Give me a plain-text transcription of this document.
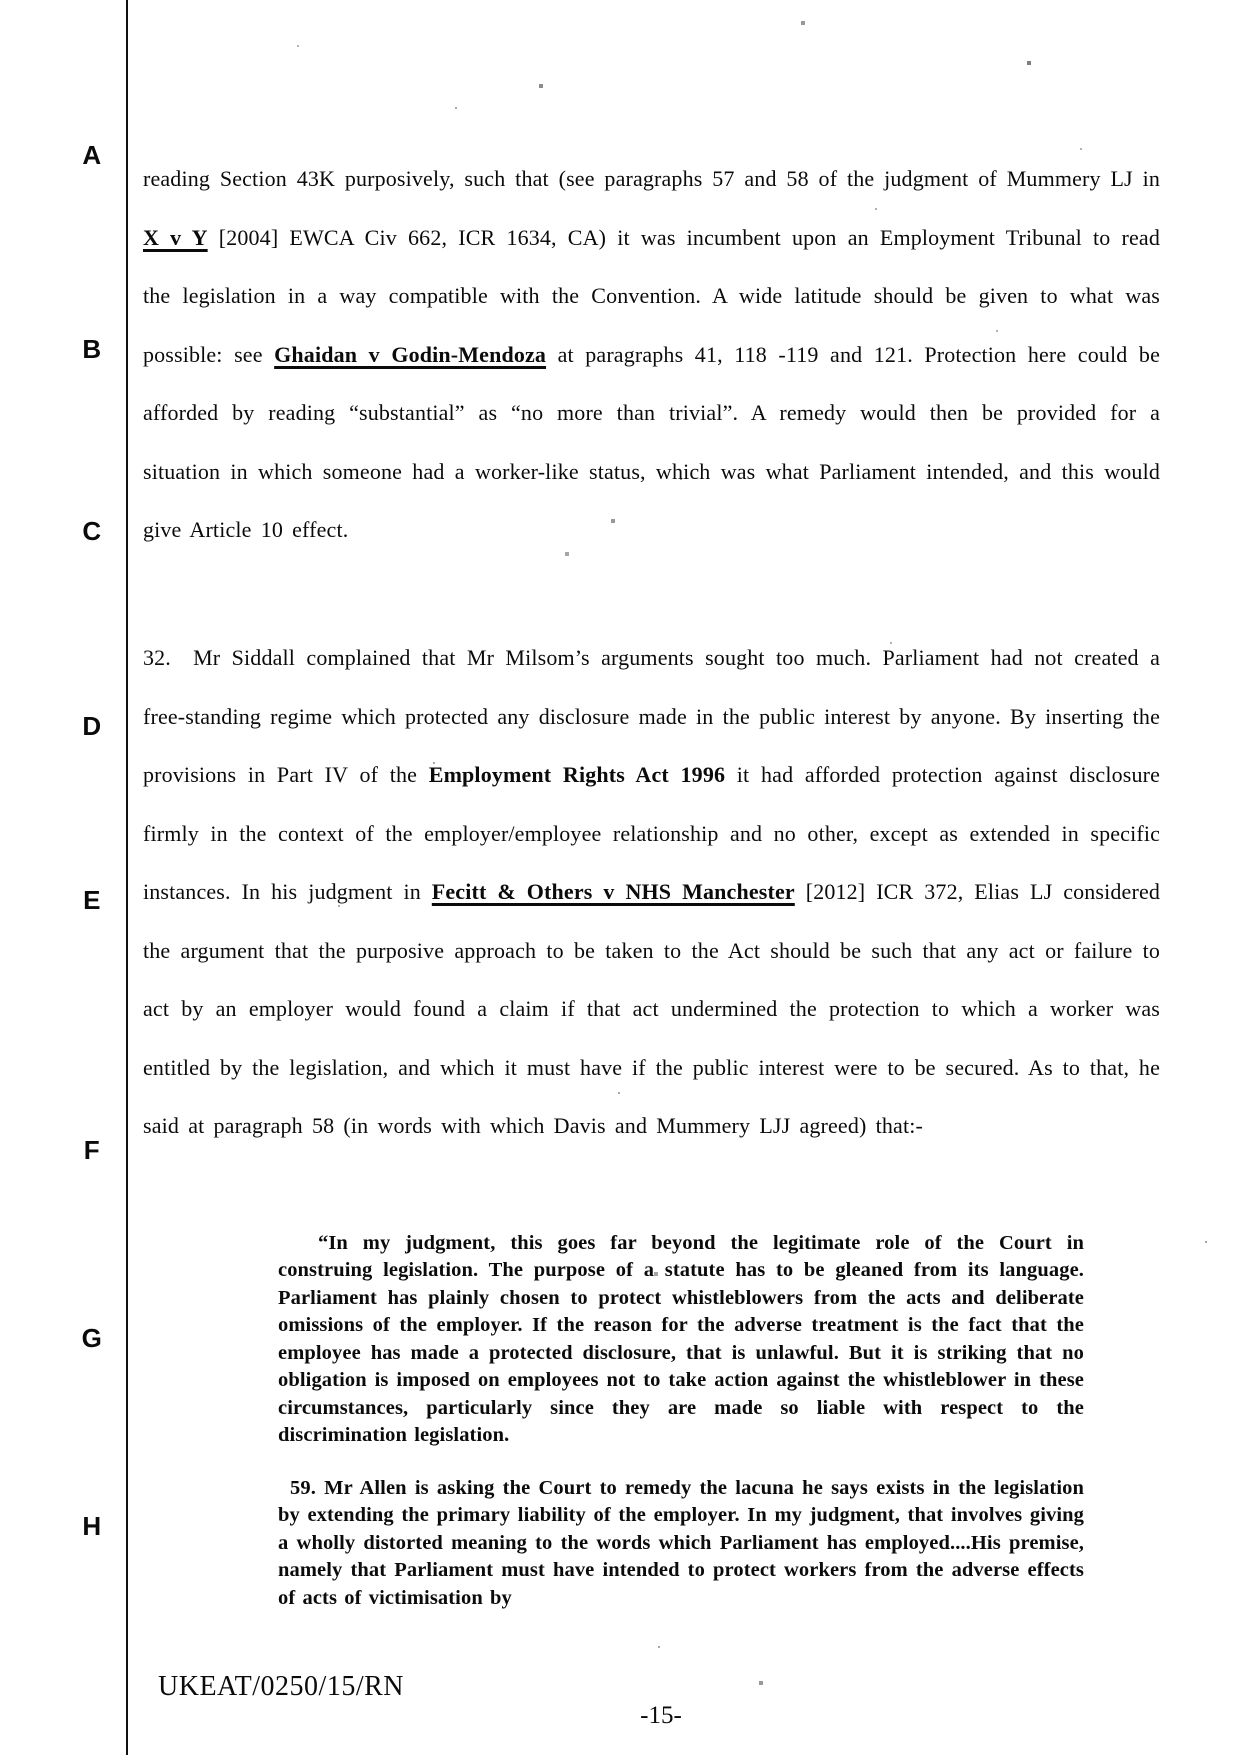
A
B
C
D
E
F
G
H

reading Section 43K purposively, such that (see paragraphs 57 and 58 of the judgment of Mummery LJ in X v Y [2004] EWCA Civ 662, ICR 1634, CA) it was incumbent upon an Employment Tribunal to read the legislation in a way compatible with the Convention. A wide latitude should be given to what was possible: see Ghaidan v Godin-Mendoza at paragraphs 41, 118 -119 and 121. Protection here could be afforded by reading “substantial” as “no more than trivial”. A remedy would then be provided for a situation in which someone had a worker-like status, which was what Parliament intended, and this would give Article 10 effect.

32. Mr Siddall complained that Mr Milsom’s arguments sought too much. Parliament had not created a free-standing regime which protected any disclosure made in the public interest by anyone. By inserting the provisions in Part IV of the Employment Rights Act 1996 it had afforded protection against disclosure firmly in the context of the employer/employee relationship and no other, except as extended in specific instances. In his judgment in Fecitt & Others v NHS Manchester [2012] ICR 372, Elias LJ considered the argument that the purposive approach to be taken to the Act should be such that any act or failure to act by an employer would found a claim if that act undermined the protection to which a worker was entitled by the legislation, and which it must have if the public interest were to be secured. As to that, he said at paragraph 58 (in words with which Davis and Mummery LJJ agreed) that:-

“In my judgment, this goes far beyond the legitimate role of the Court in construing legislation. The purpose of a statute has to be gleaned from its language. Parliament has plainly chosen to protect whistleblowers from the acts and deliberate omissions of the employer. If the reason for the adverse treatment is the fact that the employee has made a protected disclosure, that is unlawful. But it is striking that no obligation is imposed on employees not to take action against the whistleblower in these circumstances, particularly since they are made so liable with respect to the discrimination legislation.

59. Mr Allen is asking the Court to remedy the lacuna he says exists in the legislation by extending the primary liability of the employer. In my judgment, that involves giving a wholly distorted meaning to the words which Parliament has employed....His premise, namely that Parliament must have intended to protect workers from the adverse effects of acts of victimisation by

UKEAT/0250/15/RN
-15-
